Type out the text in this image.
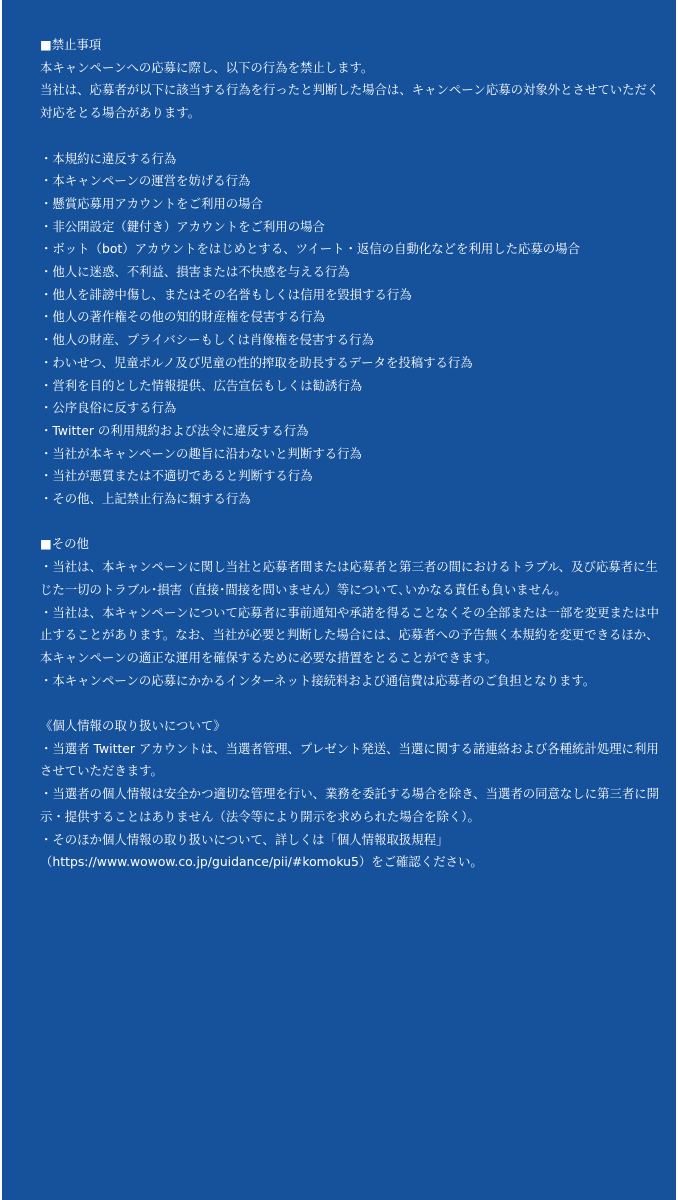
■禁止事項

本キャンペーンへの応募に際し、以下の行為を禁止します。

当社は、応募者が以下に該当する行為を行ったと判断した場合は、キャンペーン応募の対象外とさせていただく対応をとる場合があります。

・本規約に違反する行為
・本キャンペーンの運営を妨げる行為
・懸賞応募用アカウントをご利用の場合
・非公開設定（鍵付き）アカウントをご利用の場合
・ボット（bot）アカウントをはじめとする、ツイート・返信の自動化などを利用した応募の場合
・他人に迷惑、不利益、損害または不快感を与える行為
・他人を誹謗中傷し、またはその名誉もしくは信用を毀損する行為
・他人の著作権その他の知的財産権を侵害する行為
・他人の財産、プライバシーもしくは肖像権を侵害する行為
・わいせつ、児童ポルノ及び児童の性的搾取を助長するデータを投稿する行為
・営利を目的とした情報提供、広告宣伝もしくは勧誘行為
・公序良俗に反する行為
・Twitter の利用規約および法令に違反する行為
・当社が本キャンペーンの趣旨に沿わないと判断する行為
・当社が悪質または不適切であると判断する行為
・その他、上記禁止行為に類する行為

■その他

・当社は、本キャンペーンに関し当社と応募者間または応募者と第三者の間におけるトラブル、及び応募者に生じた一切のトラブル･損害（直接･間接を問いません）等について､いかなる責任も負いません。

・当社は、本キャンペーンについて応募者に事前通知や承諾を得ることなくその全部または一部を変更または中止することがあります。なお、当社が必要と判断した場合には、応募者への予告無く本規約を変更できるほか、本キャンペーンの適正な運用を確保するために必要な措置をとることができます。

・本キャンペーンの応募にかかるインターネット接続料および通信費は応募者のご負担となります。

《個人情報の取り扱いについて》

・当選者 Twitter アカウントは、当選者管理、プレゼント発送、当選に関する諸連絡および各種統計処理に利用させていただきます。

・当選者の個人情報は安全かつ適切な管理を行い、業務を委託する場合を除き、当選者の同意なしに第三者に開示・提供することはありません（法令等により開示を求められた場合を除く）。

・そのほか個人情報の取り扱いについて、詳しくは「個人情報取扱規程」（https://www.wowow.co.jp/guidance/pii/#komoku5）をご確認ください。
